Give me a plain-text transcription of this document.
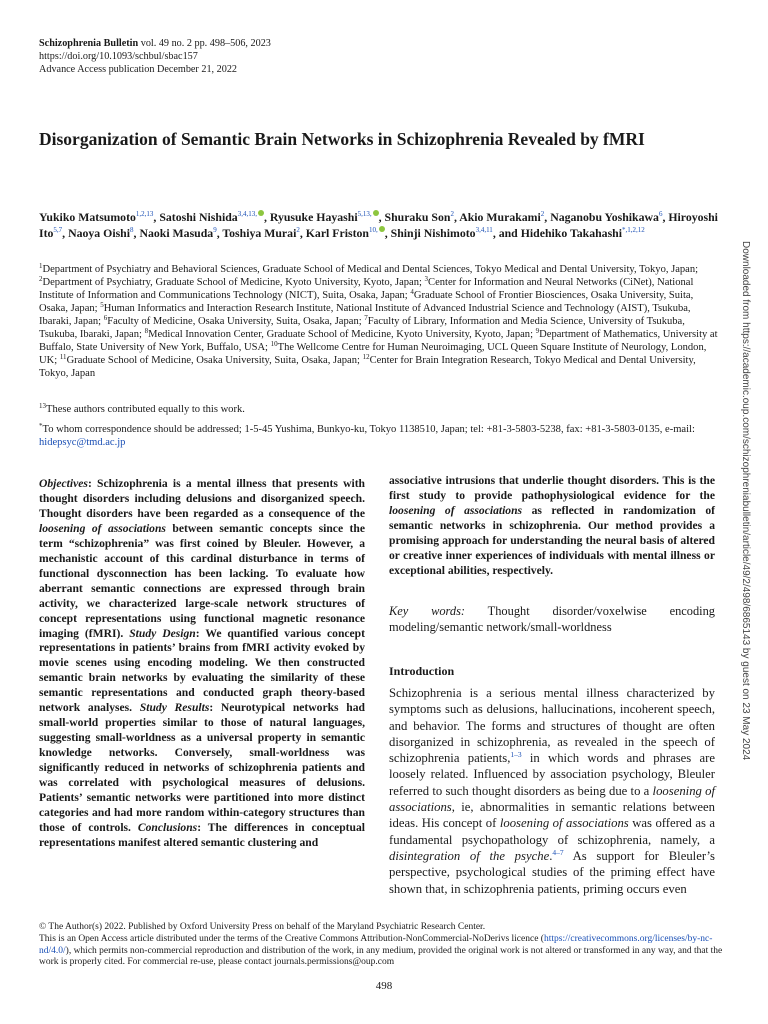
Schizophrenia Bulletin vol. 49 no. 2 pp. 498–506, 2023
https://doi.org/10.1093/schbul/sbac157
Advance Access publication December 21, 2022
Disorganization of Semantic Brain Networks in Schizophrenia Revealed by fMRI
Yukiko Matsumoto$^{1,2,13}$, Satoshi Nishida$^{3,4,13,}$ , Ryusuke Hayashi$^{5,13,}$ , Shuraku Son$^2$, Akio Murakami$^2$, Naganobu Yoshikawa$^6$, Hiroyoshi Ito$^{5,7}$, Naoya Oishi$^8$, Naoki Masuda$^9$, Toshiya Murai$^2$, Karl Friston$^{10,}$ , Shinji Nishimoto$^{3,4,11}$, and Hidehiko Takahashi$^{*,1,2,12}$
$^1$Department of Psychiatry and Behavioral Sciences, Graduate School of Medical and Dental Sciences, Tokyo Medical and Dental University, Tokyo, Japan; $^2$Department of Psychiatry, Graduate School of Medicine, Kyoto University, Kyoto, Japan; $^3$Center for Information and Neural Networks (CiNet), National Institute of Information and Communications Technology (NICT), Suita, Osaka, Japan; $^4$Graduate School of Frontier Biosciences, Osaka University, Suita, Osaka, Japan; $^5$Human Informatics and Interaction Research Institute, National Institute of Advanced Industrial Science and Technology (AIST), Tsukuba, Ibaraki, Japan; $^6$Faculty of Medicine, Osaka University, Suita, Osaka, Japan; $^7$Faculty of Library, Information and Media Science, University of Tsukuba, Tsukuba, Ibaraki, Japan; $^8$Medical Innovation Center, Graduate School of Medicine, Kyoto University, Kyoto, Japan; $^9$Department of Mathematics, University at Buffalo, State University of New York, Buffalo, USA; $^{10}$The Wellcome Centre for Human Neuroimaging, UCL Queen Square Institute of Neurology, London, UK; $^{11}$Graduate School of Medicine, Osaka University, Suita, Osaka, Japan; $^{12}$Center for Brain Integration Research, Tokyo Medical and Dental University, Tokyo, Japan
$^{13}$These authors contributed equally to this work.
*To whom correspondence should be addressed; 1-5-45 Yushima, Bunkyo-ku, Tokyo 1138510, Japan; tel: +81-3-5803-5238, fax: +81-3-5803-0135, e-mail: hidepsyc@tmd.ac.jp
Objectives: Schizophrenia is a mental illness that presents with thought disorders including delusions and disorganized speech. Thought disorders have been regarded as a consequence of the loosening of associations between semantic concepts since the term “schizophrenia” was first coined by Bleuler. However, a mechanistic account of this cardinal disturbance in terms of functional dysconnection has been lacking. To evaluate how aberrant semantic connections are expressed through brain activity, we characterized large-scale network structures of concept representations using functional magnetic resonance imaging (fMRI). Study Design: We quantified various concept representations in patients’ brains from fMRI activity evoked by movie scenes using encoding modeling. We then constructed semantic brain networks by evaluating the similarity of these semantic representations and conducted graph theory-based network analyses. Study Results: Neurotypical networks had small-world properties similar to those of natural languages, suggesting small-worldness as a universal property in semantic knowledge networks. Conversely, small-worldness was significantly reduced in networks of schizophrenia patients and was correlated with psychological measures of delusions. Patients’ semantic networks were partitioned into more distinct categories and had more random within-category structures than those of controls. Conclusions: The differences in conceptual representations manifest altered semantic clustering and
associative intrusions that underlie thought disorders. This is the first study to provide pathophysiological evidence for the loosening of associations as reflected in randomization of semantic networks in schizophrenia. Our method provides a promising approach for understanding the neural basis of altered or creative inner experiences of individuals with mental illness or exceptional abilities, respectively.
Key words: Thought disorder/voxelwise encoding modeling/semantic network/small-worldness
Introduction
Schizophrenia is a serious mental illness characterized by symptoms such as delusions, hallucinations, incoherent speech, and behavior. The forms and structures of thought are often disorganized in schizophrenia, as revealed in the speech of schizophrenia patients,$^{1-3}$ in which words and phrases are loosely related. Influenced by association psychology, Bleuler referred to such thought disorders as being due to a loosening of associations, ie, abnormalities in semantic relations between ideas. His concept of loosening of associations was offered as a fundamental psychopathology of schizophrenia, namely, a disintegration of the psyche.$^{4-7}$ As support for Bleuler’s perspective, psychological studies of the priming effect have shown that, in schizophrenia patients, priming occurs even
© The Author(s) 2022. Published by Oxford University Press on behalf of the Maryland Psychiatric Research Center.
This is an Open Access article distributed under the terms of the Creative Commons Attribution-NonCommercial-NoDerivs licence (https://creativecommons.org/licenses/by-nc-nd/4.0/), which permits non-commercial reproduction and distribution of the work, in any medium, provided the original work is not altered or transformed in any way, and that the work is properly cited. For commercial re-use, please contact journals.permissions@oup.com
498
Downloaded from https://academic.oup.com/schizophreniabulletin/article/49/2/498/6865143 by guest on 23 May 2024
